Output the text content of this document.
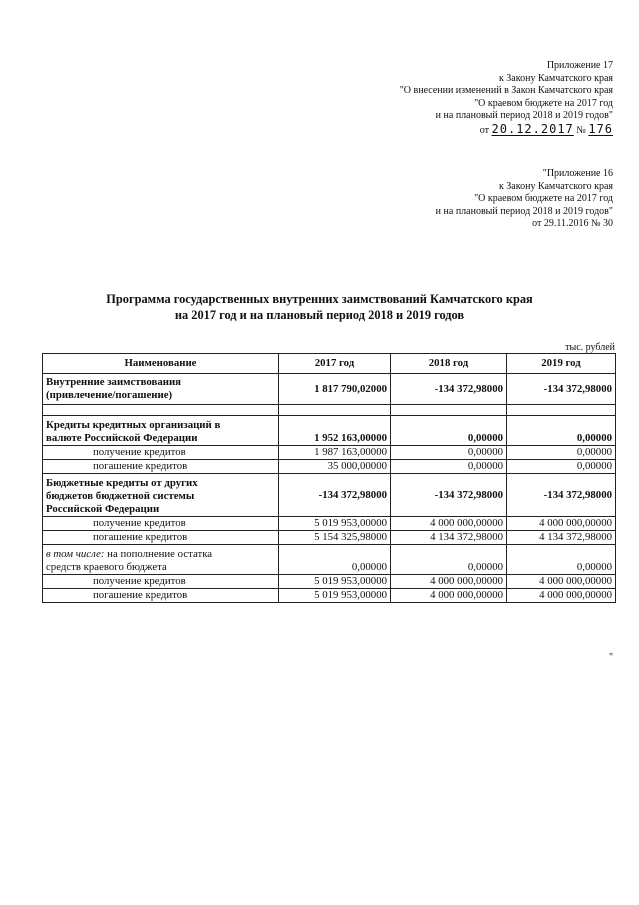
Приложение 17
к Закону Камчатского края
"О внесении изменений в Закон Камчатского края
"О краевом бюджете на 2017 год
и на плановый период 2018 и 2019 годов"
от 20.12.2017 № 176
"Приложение 16
к Закону Камчатского края
"О краевом бюджете на 2017 год
и на плановый период 2018 и 2019 годов"
от 29.11.2016 № 30
Программа государственных внутренних заимствований Камчатского края
на 2017 год и на плановый период 2018 и 2019 годов
тыс. рублей
Наименование	2017 год	2018 год	2019 год

Внутренние заимствования
(привлечение/погашение)	1 817 790,02000	-134 372,98000	-134 372,98000

Кредиты кредитных организаций в
валюте Российской Федерации	1 952 163,00000	0,00000	0,00000
получение кредитов	1 987 163,00000	0,00000	0,00000
погашение кредитов	35 000,00000	0,00000	0,00000

Бюджетные кредиты от других
бюджетов бюджетной системы
Российской Федерации	-134 372,98000	-134 372,98000	-134 372,98000
получение кредитов	5 019 953,00000	4 000 000,00000	4 000 000,00000
погашение кредитов	5 154 325,98000	4 134 372,98000	4 134 372,98000

в том числе: на пополнение остатка
средств краевого бюджета	0,00000	0,00000	0,00000
получение кредитов	5 019 953,00000	4 000 000,00000	4 000 000,00000
погашение кредитов	5 019 953,00000	4 000 000,00000	4 000 000,00000
"
